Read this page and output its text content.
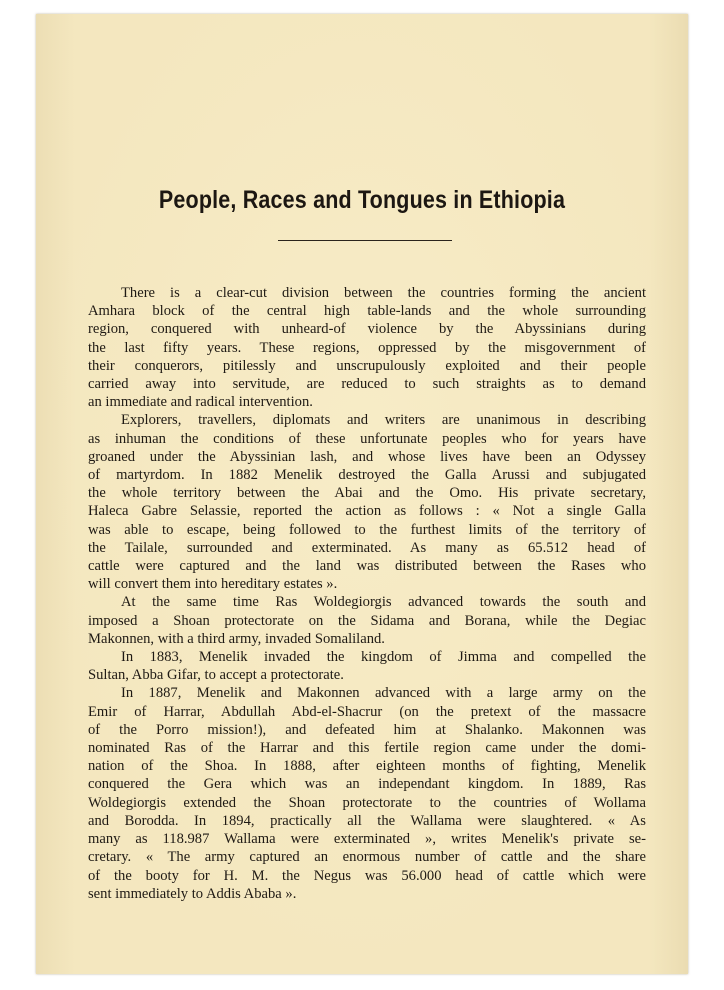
People, Races and Tongues in Ethiopia

There is a clear-cut division between the countries forming the ancient
Amhara block of the central high table-lands and the whole surrounding
region, conquered with unheard-of violence by the Abyssinians during
the last fifty years. These regions, oppressed by the misgovernment of
their conquerors, pitilessly and unscrupulously exploited and their people
carried away into servitude, are reduced to such straights as to demand
an immediate and radical intervention.

Explorers, travellers, diplomats and writers are unanimous in describing
as inhuman the conditions of these unfortunate peoples who for years have
groaned under the Abyssinian lash, and whose lives have been an Odyssey
of martyrdom. In 1882 Menelik destroyed the Galla Arussi and subjugated
the whole territory between the Abai and the Omo. His private secretary,
Haleca Gabre Selassie, reported the action as follows : « Not a single Galla
was able to escape, being followed to the furthest limits of the territory of
the Tailale, surrounded and exterminated. As many as 65.512 head of
cattle were captured and the land was distributed between the Rases who
will convert them into hereditary estates ».

At the same time Ras Woldegiorgis advanced towards the south and
imposed a Shoan protectorate on the Sidama and Borana, while the Degiac
Makonnen, with a third army, invaded Somaliland.

In 1883, Menelik invaded the kingdom of Jimma and compelled the
Sultan, Abba Gifar, to accept a protectorate.

In 1887, Menelik and Makonnen advanced with a large army on the
Emir of Harrar, Abdullah Abd-el-Shacrur (on the pretext of the massacre
of the Porro mission!), and defeated him at Shalanko. Makonnen was
nominated Ras of the Harrar and this fertile region came under the domi-
nation of the Shoa. In 1888, after eighteen months of fighting, Menelik
conquered the Gera which was an independant kingdom. In 1889, Ras
Woldegiorgis extended the Shoan protectorate to the countries of Wollama
and Borodda. In 1894, practically all the Wallama were slaughtered. « As
many as 118.987 Wallama were exterminated », writes Menelik's private se-
cretary. « The army captured an enormous number of cattle and the share
of the booty for H. M. the Negus was 56.000 head of cattle which were
sent immediately to Addis Ababa ».
